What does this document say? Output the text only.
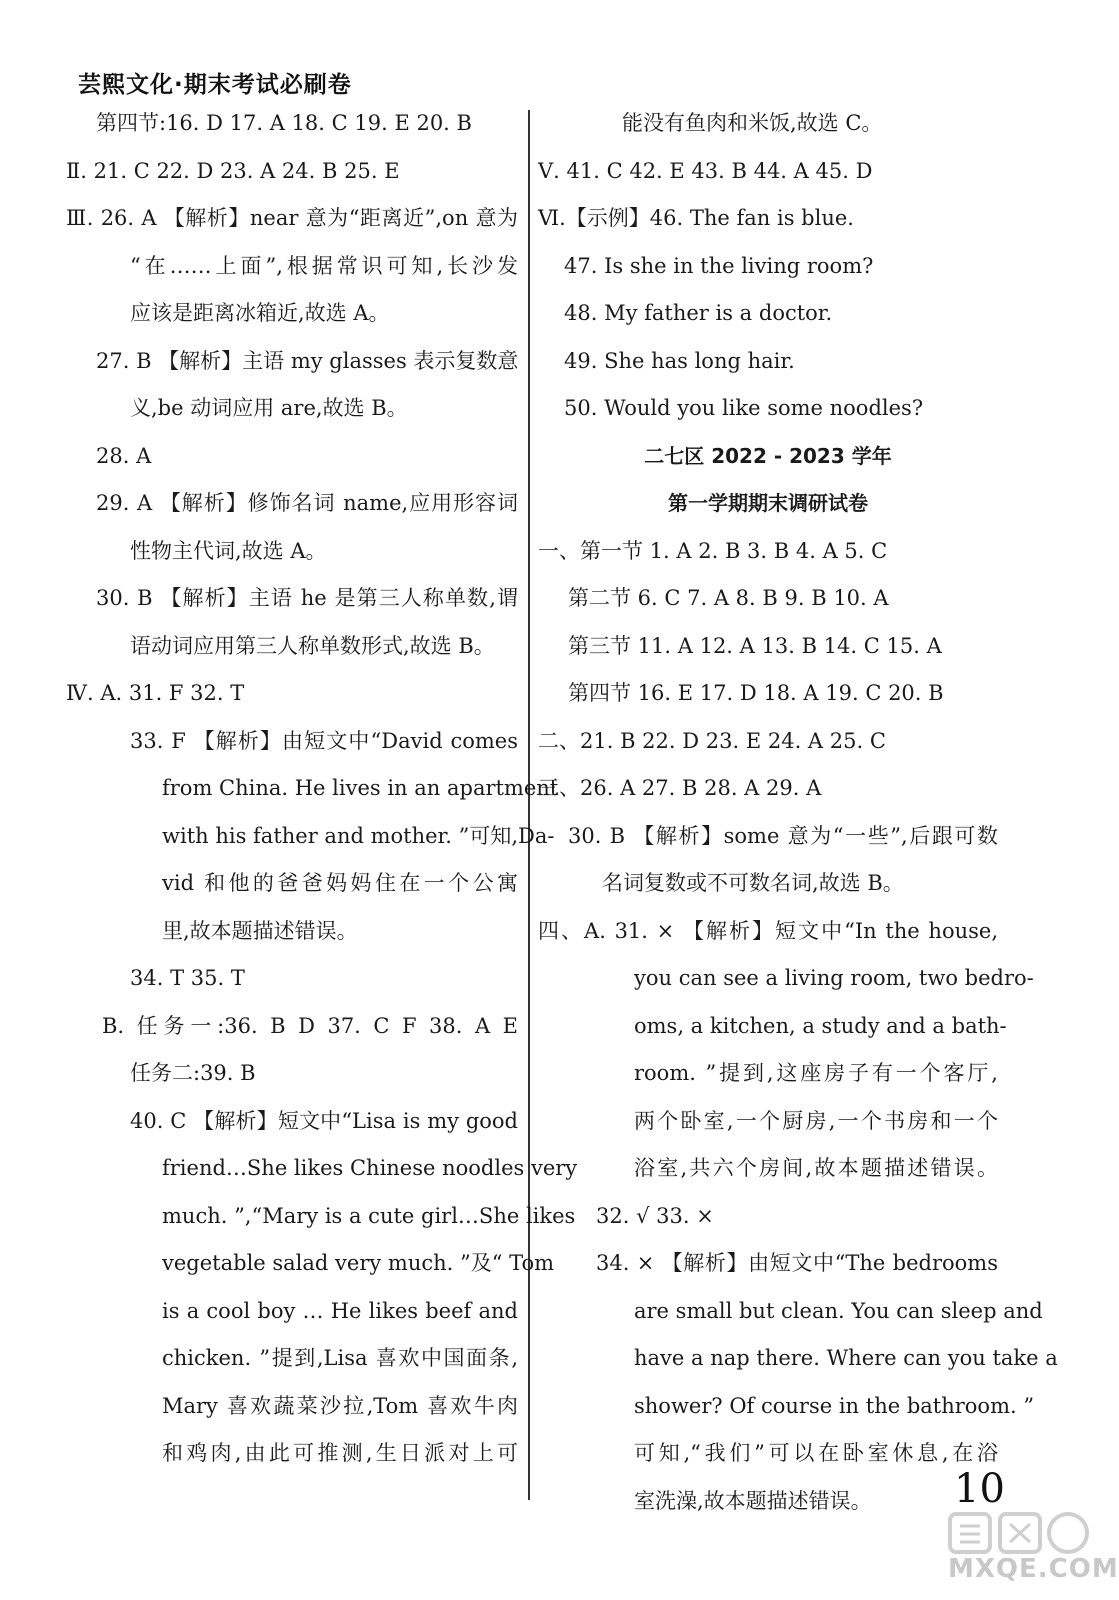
芸熙文化·期末考试必刷卷
第四节:16. D 17. A 18. C 19. E 20. B
Ⅱ. 21. C 22. D 23. A 24. B 25. E
Ⅲ. 26. A 【解析】near 意为“距离近”,on 意为
“在……上面”,根据常识可知,长沙发
应该是距离冰箱近,故选 A。
27. B 【解析】主语 my glasses 表示复数意
义,be 动词应用 are,故选 B。
28. A
29. A 【解析】修饰名词 name,应用形容词
性物主代词,故选 A。
30. B 【解析】主语 he 是第三人称单数,谓
语动词应用第三人称单数形式,故选 B。
Ⅳ. A. 31. F 32. T
33. F 【解析】由短文中“David comes
from China. He lives in an apartment
with his father and mother. ”可知,Da-
vid 和他的爸爸妈妈住在一个公寓
里,故本题描述错误。
34. T 35. T
B. 任务一:36. B D 37. C F 38. A E
任务二:39. B
40. C 【解析】短文中“Lisa is my good
friend…She likes Chinese noodles very
much. ”,“Mary is a cute girl…She likes
vegetable salad very much. ”及“ Tom
is a cool boy … He likes beef and
chicken. ”提到,Lisa 喜欢中国面条,
Mary 喜欢蔬菜沙拉,Tom 喜欢牛肉
和鸡肉,由此可推测,生日派对上可
能没有鱼肉和米饭,故选 C。
Ⅴ. 41. C 42. E 43. B 44. A 45. D
Ⅵ.【示例】46. The fan is blue.
47. Is she in the living room?
48. My father is a doctor.
49. She has long hair.
50. Would you like some noodles?
二七区 2022 - 2023 学年
第一学期期末调研试卷
一、第一节 1. A 2. B 3. B 4. A 5. C
第二节 6. C 7. A 8. B 9. B 10. A
第三节 11. A 12. A 13. B 14. C 15. A
第四节 16. E 17. D 18. A 19. C 20. B
二、21. B 22. D 23. E 24. A 25. C
三、26. A 27. B 28. A 29. A
30. B 【解析】some 意为“一些”,后跟可数
名词复数或不可数名词,故选 B。
四、A. 31. × 【解析】短文中“In the house,
you can see a living room, two bedro-
oms, a kitchen, a study and a bath-
room. ”提到,这座房子有一个客厅,
两个卧室,一个厨房,一个书房和一个
浴室,共六个房间,故本题描述错误。
32. √ 33. ×
34. × 【解析】由短文中“The bedrooms
are small but clean. You can sleep and
have a nap there. Where can you take a
shower? Of course in the bathroom. ”
可知,“我们”可以在卧室休息,在浴
室洗澡,故本题描述错误。	10
MXQE.COM
